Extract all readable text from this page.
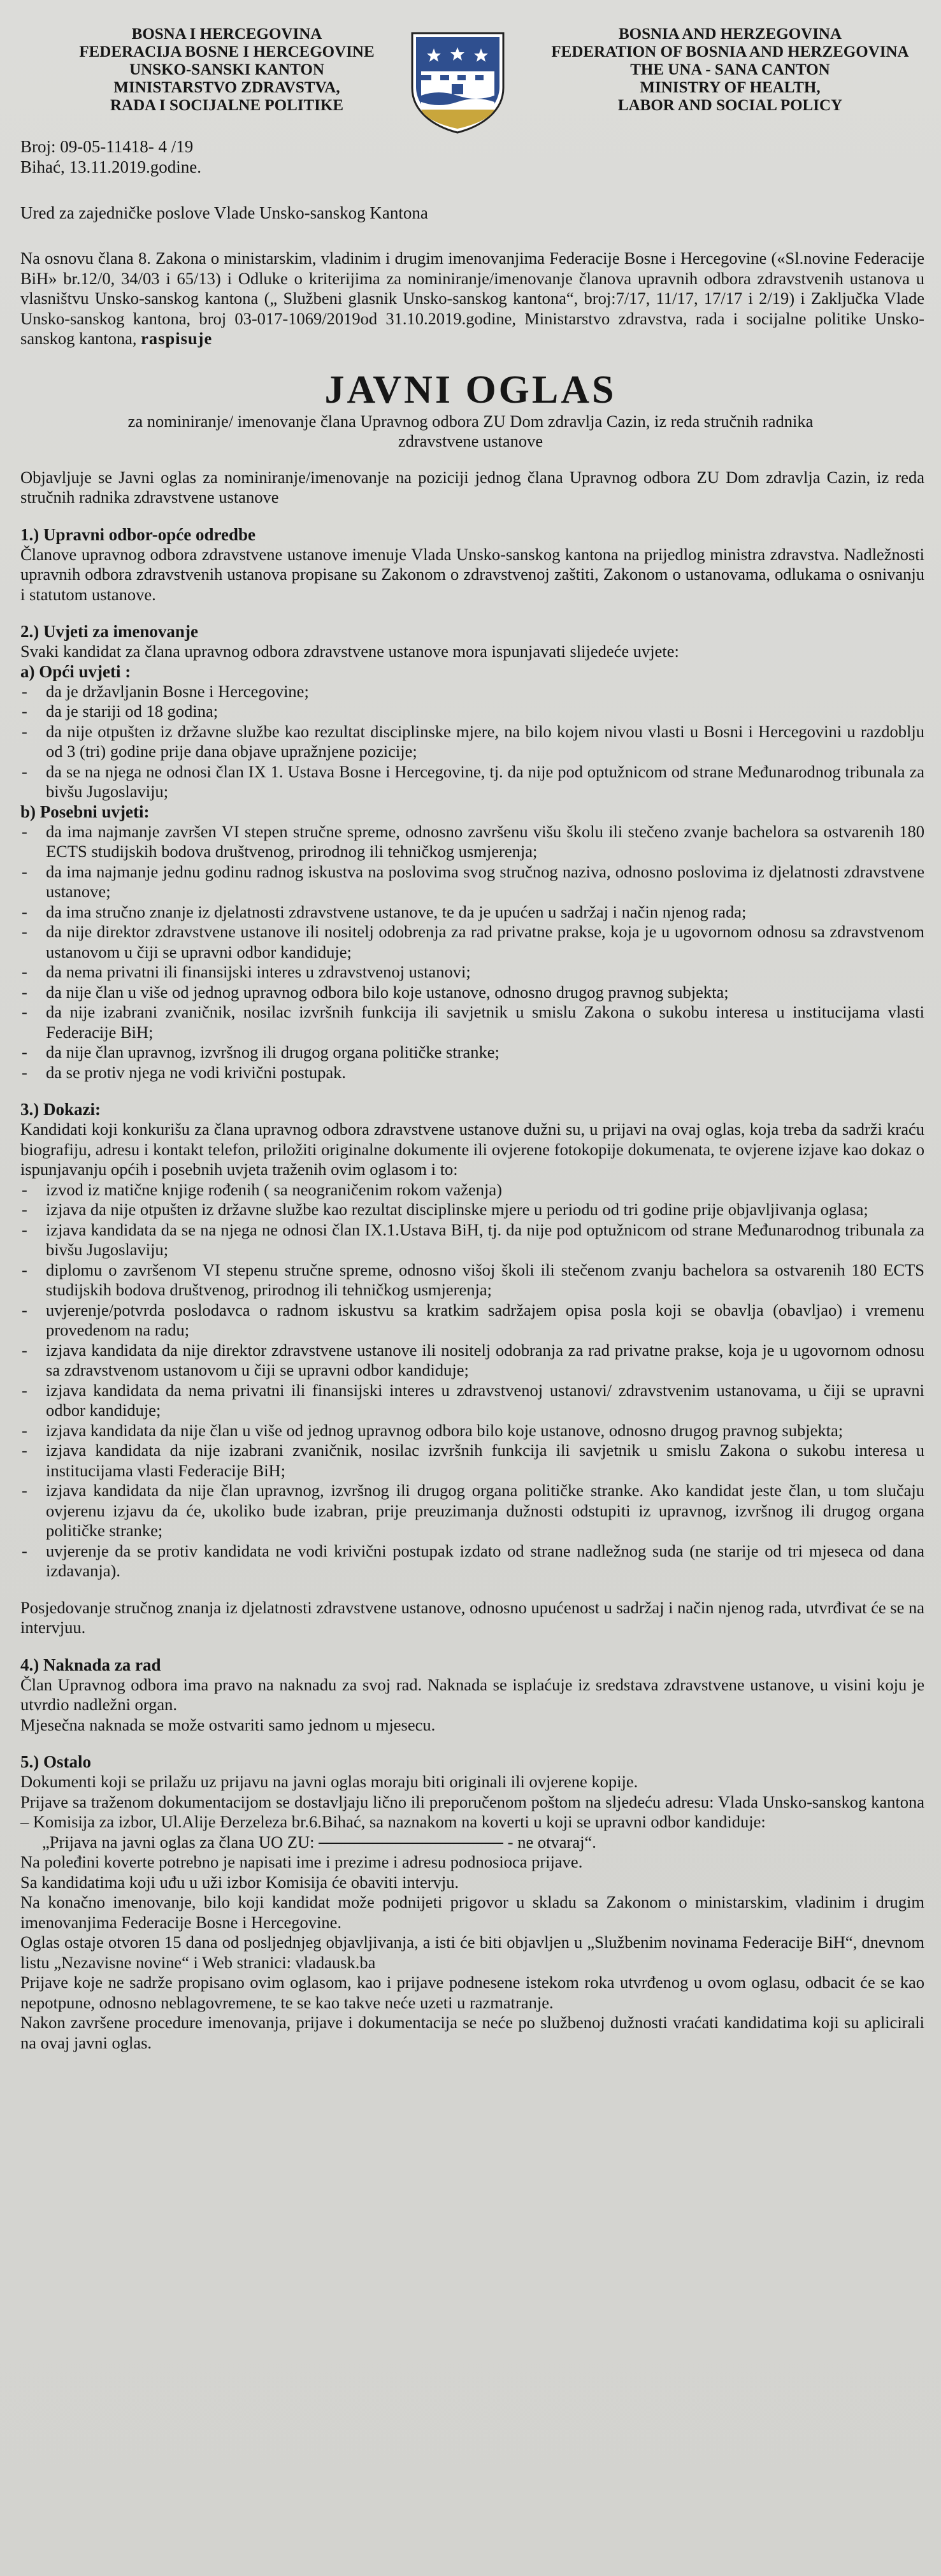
BOSNA I HERCEGOVINA
FEDERACIJA BOSNE I HERCEGOVINE
UNSKO-SANSKI KANTON
MINISTARSTVO ZDRAVSTVA,
RADA I SOCIJALNE POLITIKE
BOSNIA AND HERZEGOVINA
FEDERATION OF BOSNIA AND HERZEGOVINA
THE UNA - SANA CANTON
MINISTRY OF HEALTH,
LABOR AND SOCIAL POLICY
Broj: 09-05-11418- 4 /19
Bihać, 13.11.2019.godine.
Ured za zajedničke poslove Vlade Unsko-sanskog Kantona
Na osnovu člana 8. Zakona o ministarskim, vladinim i drugim imenovanjima Federacije Bosne i Hercegovine («Sl.novine Federacije BiH» br.12/0, 34/03 i 65/13) i Odluke o kriterijima za nominiranje/imenovanje članova upravnih odbora zdravstvenih ustanova u vlasništvu Unsko-sanskog kantona („ Službeni glasnik Unsko-sanskog kantona“, broj:7/17, 11/17, 17/17 i 2/19) i Zaključka Vlade Unsko-sanskog kantona, broj 03-017-1069/2019od 31.10.2019.godine, Ministarstvo zdravstva, rada i socijalne politike Unsko-sanskog kantona, raspisuje
JAVNI OGLAS
za nominiranje/ imenovanje člana Upravnog odbora ZU Dom zdravlja Cazin, iz reda stručnih radnika zdravstvene ustanove

Objavljuje se Javni oglas za nominiranje/imenovanje na poziciji jednog člana Upravnog odbora ZU Dom zdravlja Cazin, iz reda stručnih radnika zdravstvene ustanove

1.) Upravni odbor-opće odredbe
Članove upravnog odbora zdravstvene ustanove imenuje Vlada Unsko-sanskog kantona na prijedlog ministra zdravstva. Nadležnosti upravnih odbora zdravstvenih ustanova propisane su Zakonom o zdravstvenoj zaštiti, Zakonom o ustanovama, odlukama o osnivanju i statutom ustanove.
2.) Uvjeti za imenovanje
Svaki kandidat za člana upravnog odbora zdravstvene ustanove mora ispunjavati slijedeće uvjete:
a) Opći uvjeti :
- da je državljanin Bosne i Hercegovine;
- da je stariji od 18 godina;
- da nije otpušten iz državne službe kao rezultat disciplinske mjere, na bilo kojem nivou vlasti u Bosni i Hercegovini u razdoblju od 3 (tri) godine prije dana objave upražnjene pozicije;
- da se na njega ne odnosi član IX 1. Ustava Bosne i Hercegovine, tj. da nije pod optužnicom od strane Međunarodnog tribunala za bivšu Jugoslaviju;
b) Posebni uvjeti:
- da ima najmanje završen VI stepen stručne spreme, odnosno završenu višu školu ili stečeno zvanje bachelora sa ostvarenih 180 ECTS studijskih bodova društvenog, prirodnog ili tehničkog usmjerenja;
- da ima najmanje jednu godinu radnog iskustva na poslovima svog stručnog naziva, odnosno poslovima iz djelatnosti zdravstvene ustanove;
- da ima stručno znanje iz djelatnosti zdravstvene ustanove, te da je upućen u sadržaj i način njenog rada;
- da nije direktor zdravstvene ustanove ili nositelj odobrenja za rad privatne prakse, koja je u ugovornom odnosu sa zdravstvenom ustanovom u čiji se upravni odbor kandiduje;
- da nema privatni ili finansijski interes u zdravstvenoj ustanovi;
- da nije član u više od jednog upravnog odbora bilo koje ustanove, odnosno drugog pravnog subjekta;
- da nije izabrani zvaničnik, nosilac izvršnih funkcija ili savjetnik u smislu Zakona o sukobu interesa u institucijama vlasti Federacije BiH;
- da nije član upravnog, izvršnog ili drugog organa političke stranke;
- da se protiv njega ne vodi krivični postupak.
3.) Dokazi:
Kandidati koji konkurišu za člana upravnog odbora zdravstvene ustanove dužni su, u prijavi na ovaj oglas, koja treba da sadrži kraću biografiju, adresu i kontakt telefon, priložiti originalne dokumente ili ovjerene fotokopije dokumenata, te ovjerene izjave kao dokaz o ispunjavanju općih i posebnih uvjeta traženih ovim oglasom i to:
- izvod iz matične knjige rođenih ( sa neograničenim rokom važenja)
- izjava da nije otpušten iz državne službe kao rezultat disciplinske mjere u periodu od tri godine prije objavljivanja oglasa;
- izjava kandidata da se na njega ne odnosi član IX.1.Ustava BiH, tj. da nije pod optužnicom od strane Međunarodnog tribunala za bivšu Jugoslaviju;
- diplomu o završenom VI stepenu stručne spreme, odnosno višoj školi ili stečenom zvanju bachelora sa ostvarenih 180 ECTS studijskih bodova društvenog, prirodnog ili tehničkog usmjerenja;
- uvjerenje/potvrda poslodavca o radnom iskustvu sa kratkim sadržajem opisa posla koji se obavlja (obavljao) i vremenu provedenom na radu;
- izjava kandidata da nije direktor zdravstvene ustanove ili nositelj odobranja za rad privatne prakse, koja je u ugovornom odnosu sa zdravstvenom ustanovom u čiji se upravni odbor kandiduje;
- izjava kandidata da nema privatni ili finansijski interes u zdravstvenoj ustanovi/ zdravstvenim ustanovama, u čiji se upravni odbor kandiduje;
- izjava kandidata da nije član u više od jednog upravnog odbora bilo koje ustanove, odnosno drugog pravnog subjekta;
- izjava kandidata da nije izabrani zvaničnik, nosilac izvršnih funkcija ili savjetnik u smislu Zakona o sukobu interesa u institucijama vlasti Federacije BiH;
- izjava kandidata da nije član upravnog, izvršnog ili drugog organa političke stranke. Ako kandidat jeste član, u tom slučaju ovjerenu izjavu da će, ukoliko bude izabran, prije preuzimanja dužnosti odstupiti iz upravnog, izvršnog ili drugog organa političke stranke;
- uvjerenje da se protiv kandidata ne vodi krivični postupak izdato od strane nadležnog suda (ne starije od tri mjeseca od dana izdavanja).
Posjedovanje stručnog znanja iz djelatnosti zdravstvene ustanove, odnosno upućenost u sadržaj i način njenog rada, utvrđivat će se na intervjuu.
4.) Naknada za rad
Član Upravnog odbora ima pravo na naknadu za svoj rad. Naknada se isplaćuje iz sredstava zdravstvene ustanove, u visini koju je utvrdio nadležni organ.
Mjesečna naknada se može ostvariti samo jednom u mjesecu.
5.) Ostalo
Dokumenti koji se prilažu uz prijavu na javni oglas moraju biti originali ili ovjerene kopije.
Prijave sa traženom dokumentacijom se dostavljaju lično ili preporučenom poštom na sljedeću adresu: Vlada Unsko-sanskog kantona – Komisija za izbor, Ul.Alije Đerzeleza br.6.Bihać, sa naznakom na koverti u koji se upravni odbor kandiduje:
„Prijava na javni oglas za člana UO ZU:	- ne otvaraj“.
Na poleđini koverte potrebno je napisati ime i prezime i adresu podnosioca prijave.
Sa kandidatima koji uđu u uži izbor Komisija će obaviti intervju.
Na konačno imenovanje, bilo koji kandidat može podnijeti prigovor u skladu sa Zakonom o ministarskim, vladinim i drugim imenovanjima Federacije Bosne i Hercegovine.
Oglas ostaje otvoren 15 dana od posljednjeg objavljivanja, a isti će biti objavljen u „Službenim novinama Federacije BiH“, dnevnom listu „Nezavisne novine“ i Web stranici: vladausk.ba
Prijave koje ne sadrže propisano ovim oglasom, kao i prijave podnesene istekom roka utvrđenog u ovom oglasu, odbacit će se kao nepotpune, odnosno neblagovremene, te se kao takve neće uzeti u razmatranje.
Nakon završene procedure imenovanja, prijave i dokumentacija se neće po službenoj dužnosti vraćati kandidatima koji su aplicirali na ovaj javni oglas.
